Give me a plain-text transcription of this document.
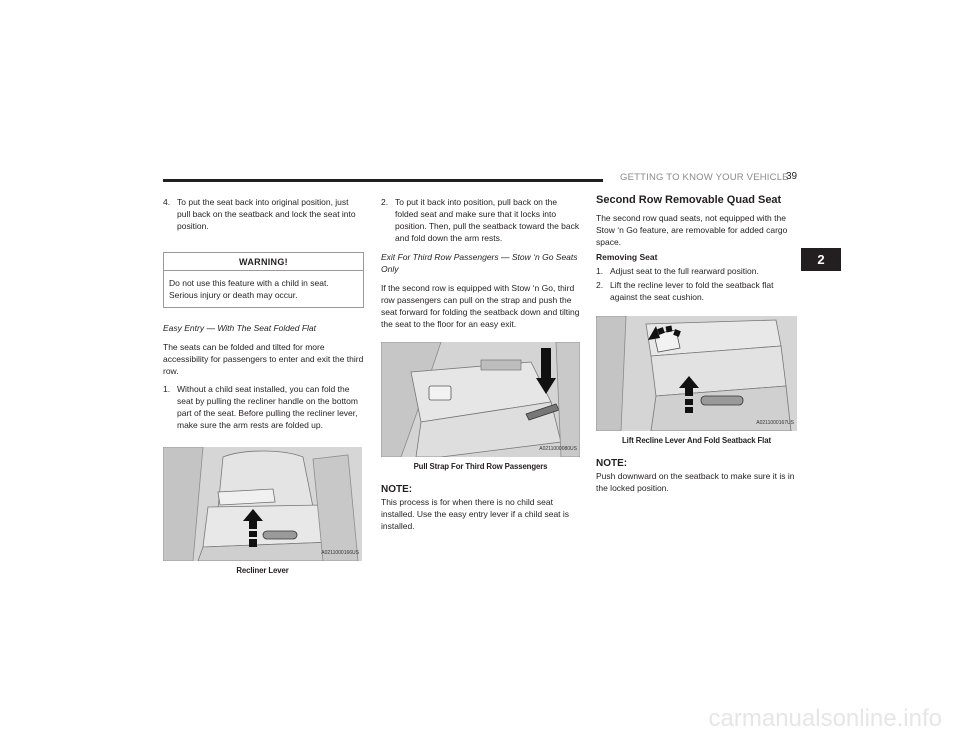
GETTING TO KNOW YOUR VEHICLE
39
2
4. To put the seat back into original position, just pull back on the seatback and lock the seat into position.
WARNING!
Do not use this feature with a child in seat. Serious injury or death may occur.

Easy Entry — With The Seat Folded Flat

The seats can be folded and tilted for more accessibility for passengers to enter and exit the third row.

1. Without a child seat installed, you can fold the seat by pulling the recliner handle on the bottom part of the seat. Before pulling the recliner lever, make sure the arm rests are folded up.
A0211000166US
Recliner Lever
2. To put it back into position, pull back on the folded seat and make sure that it locks into position. Then, pull the seatback toward the back and fold down the arm rests.

Exit For Third Row Passengers — Stow ‘n Go Seats Only

If the second row is equipped with Stow ‘n Go, third row passengers can pull on the strap and push the seat forward for folding the seatback down and tilting the seat to the floor for an easy exit.

A0211000080US
Pull Strap For Third Row Passengers
NOTE:

This process is for when there is no child seat installed. Use the easy entry lever if a child seat is installed.

Second Row Removable Quad Seat

The second row quad seats, not equipped with the Stow ‘n Go feature, are removable for added cargo space.

Removing Seat

1. Adjust seat to the full rearward position.
2. Lift the recline lever to fold the seatback flat against the seat cushion.
A0211000167US
Lift Recline Lever And Fold Seatback Flat
NOTE:

Push downward on the seatback to make sure it is in the locked position.

carmanualsonline.info
